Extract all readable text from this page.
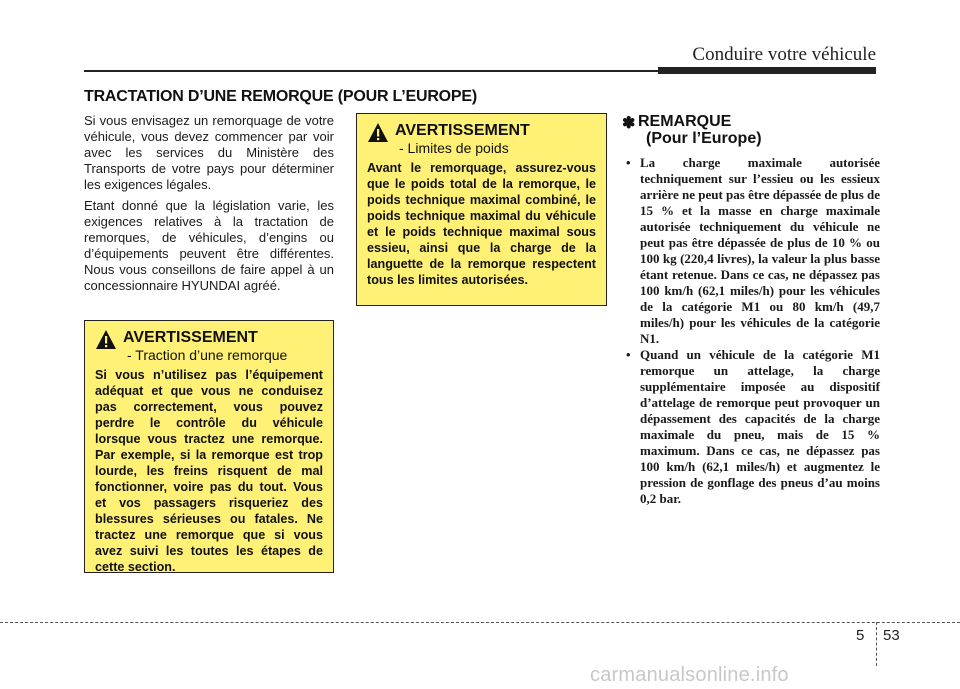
Conduire votre véhicule
TRACTATION D’UNE REMORQUE (POUR L’EUROPE)

Si vous envisagez un remorquage de votre véhicule, vous devez commencer par voir avec les services du Ministère des Transports de votre pays pour déterminer les exigences légales.

Etant donné que la législation varie, les exigences relatives à la tractation de remorques, de véhicules, d’engins ou d’équipements peuvent être différentes. Nous vous conseillons de faire appel à un concessionnaire HYUNDAI agréé.

AVERTISSEMENT
- Traction d’une remorque
Si vous n’utilisez pas l’équipement adéquat et que vous ne conduisez pas correctement, vous pouvez perdre le contrôle du véhicule lorsque vous tractez une remorque. Par exemple, si la remorque est trop lourde, les freins risquent de mal fonctionner, voire pas du tout. Vous et vos passagers risqueriez des blessures sérieuses ou fatales. Ne tractez une remorque que si vous avez suivi les toutes les étapes de cette section.
AVERTISSEMENT
- Limites de poids
Avant le remorquage, assurez-vous que le poids total de la remorque, le poids technique maximal combiné, le poids technique maximal du véhicule et le poids technique maximal sous essieu, ainsi que la charge de la languette de la remorque respectent tous les limites autorisées.
✽ REMARQUE
(Pour l’Europe)
• La charge maximale autorisée techniquement sur l’essieu ou les essieux arrière ne peut pas être dépassée de plus de 15 % et la masse en charge maximale autorisée techniquement du véhicule ne peut pas être dépassée de plus de 10 % ou 100 kg (220,4 livres), la valeur la plus basse étant retenue. Dans ce cas, ne dépassez pas 100 km/h (62,1 miles/h) pour les véhicules de la catégorie M1 ou 80 km/h (49,7 miles/h) pour les véhicules de la catégorie N1.
• Quand un véhicule de la catégorie M1 remorque un attelage, la charge supplémentaire imposée au dispositif d’attelage de remorque peut provoquer un dépassement des capacités de la charge maximale du pneu, mais de 15 % maximum. Dans ce cas, ne dépassez pas 100 km/h (62,1 miles/h) et augmentez le pression de gonflage des pneus d’au moins 0,2 bar.
5 53
carmanualsonline.info
